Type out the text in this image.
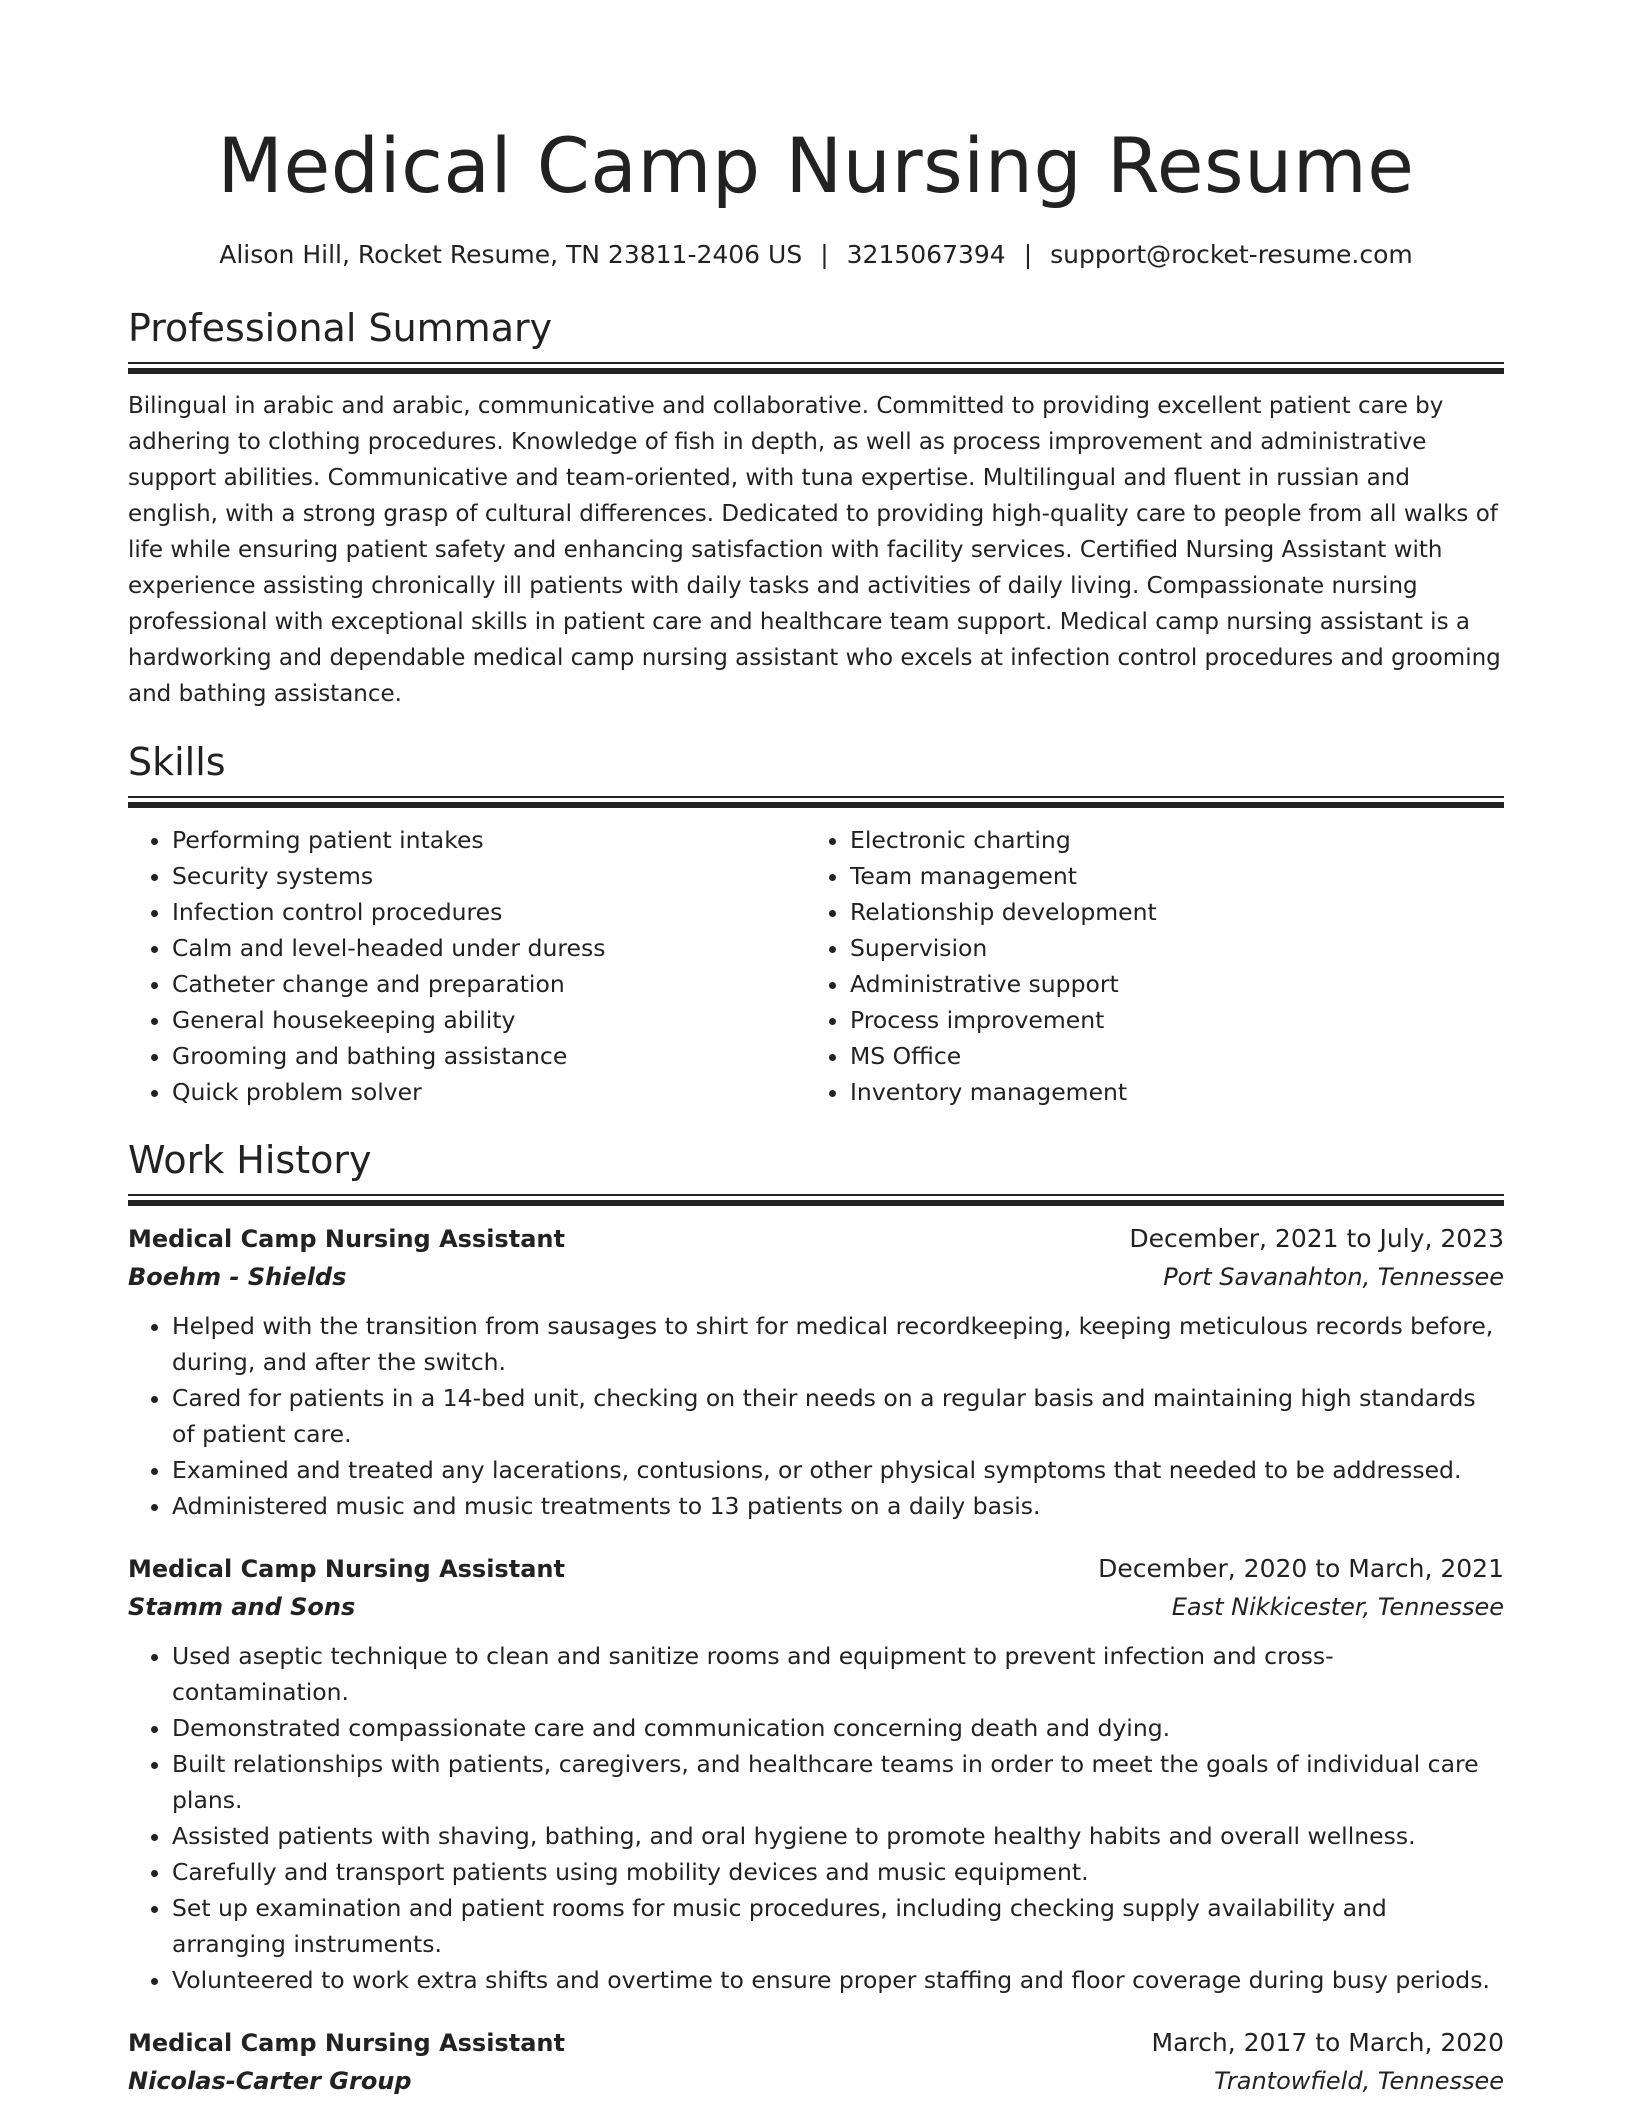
Medical Camp Nursing Resume
Alison Hill, Rocket Resume, TN 23811-2406 US | 3215067394 | support@rocket-resume.com
Professional Summary

Bilingual in arabic and arabic, communicative and collaborative. Committed to providing excellent patient care by adhering to clothing procedures. Knowledge of fish in depth, as well as process improvement and administrative support abilities. Communicative and team-oriented, with tuna expertise. Multilingual and fluent in russian and english, with a strong grasp of cultural differences. Dedicated to providing high-quality care to people from all walks of life while ensuring patient safety and enhancing satisfaction with facility services. Certified Nursing Assistant with experience assisting chronically ill patients with daily tasks and activities of daily living. Compassionate nursing professional with exceptional skills in patient care and healthcare team support. Medical camp nursing assistant is a hardworking and dependable medical camp nursing assistant who excels at infection control procedures and grooming and bathing assistance.

Skills
• Performing patient intakes
• Security systems
• Infection control procedures
• Calm and level-headed under duress
• Catheter change and preparation
• General housekeeping ability
• Grooming and bathing assistance
• Quick problem solver
• Electronic charting
• Team management
• Relationship development
• Supervision
• Administrative support
• Process improvement
• MS Office
• Inventory management
Work History
Medical Camp Nursing Assistant	December, 2021 to July, 2023
Boehm - Shields	Port Savanahton, Tennessee
• Helped with the transition from sausages to shirt for medical recordkeeping, keeping meticulous records before, during, and after the switch.
• Cared for patients in a 14-bed unit, checking on their needs on a regular basis and maintaining high standards of patient care.
• Examined and treated any lacerations, contusions, or other physical symptoms that needed to be addressed.
• Administered music and music treatments to 13 patients on a daily basis.
Medical Camp Nursing Assistant	December, 2020 to March, 2021
Stamm and Sons	East Nikkicester, Tennessee
• Used aseptic technique to clean and sanitize rooms and equipment to prevent infection and cross-contamination.
• Demonstrated compassionate care and communication concerning death and dying.
• Built relationships with patients, caregivers, and healthcare teams in order to meet the goals of individual care plans.
• Assisted patients with shaving, bathing, and oral hygiene to promote healthy habits and overall wellness.
• Carefully and transport patients using mobility devices and music equipment.
• Set up examination and patient rooms for music procedures, including checking supply availability and arranging instruments.
• Volunteered to work extra shifts and overtime to ensure proper staffing and floor coverage during busy periods.
Medical Camp Nursing Assistant	March, 2017 to March, 2020
Nicolas-Carter Group	Trantowfield, Tennessee
